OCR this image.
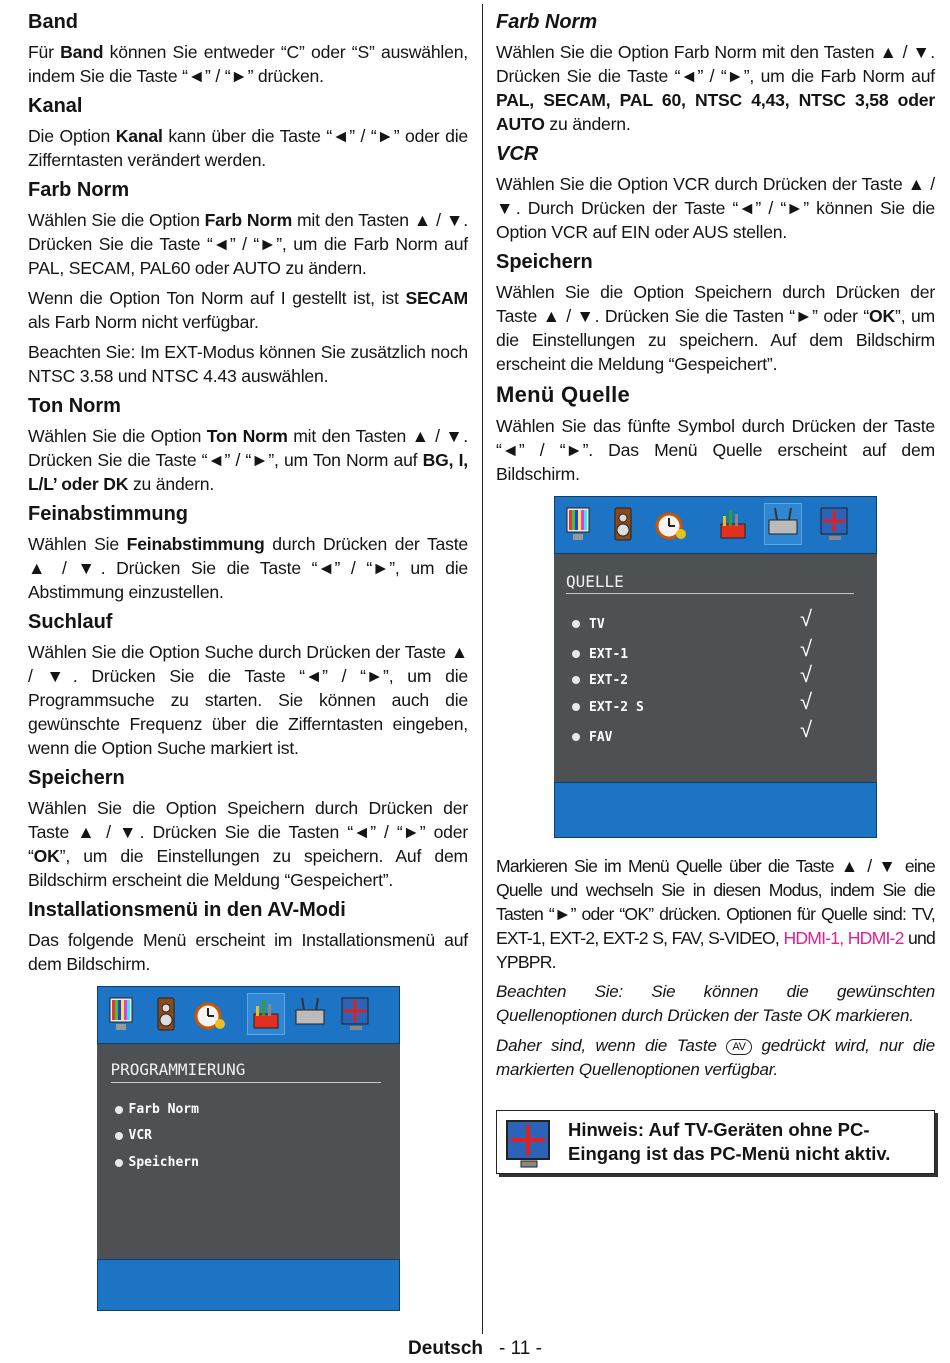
Band

Für Band können Sie entweder “C” oder “S” auswählen, indem Sie die Taste “◄” / “►” drücken.

Kanal

Die Option Kanal kann über die Taste “◄” / “►” oder die Zifferntasten verändert werden.

Farb Norm

Wählen Sie die Option Farb Norm mit den Tasten ▲ / ▼. Drücken Sie die Taste “◄” / “►”, um die Farb Norm auf PAL, SECAM, PAL60 oder AUTO zu ändern.

Wenn die Option Ton Norm auf I gestellt ist, ist SECAM als Farb Norm nicht verfügbar.

Beachten Sie: Im EXT-Modus können Sie zusätzlich noch NTSC 3.58 und NTSC 4.43 auswählen.

Ton Norm

Wählen Sie die Option Ton Norm mit den Tasten ▲ / ▼. Drücken Sie die Taste “◄” / “►”, um Ton Norm auf BG, I, L/L’ oder DK zu ändern.

Feinabstimmung

Wählen Sie Feinabstimmung durch Drücken der Taste ▲ / ▼. Drücken Sie die Taste “◄” / “►”, um die Abstimmung einzustellen.

Suchlauf

Wählen Sie die Option Suche durch Drücken der Taste ▲ / ▼. Drücken Sie die Taste “◄” / “►”, um die Programmsuche zu starten. Sie können auch die gewünschte Frequenz über die Zifferntasten eingeben, wenn die Option Suche markiert ist.

Speichern

Wählen Sie die Option Speichern durch Drücken der Taste ▲ / ▼. Drücken Sie die Tasten “◄” / “►” oder “OK”, um die Einstellungen zu speichern. Auf dem Bildschirm erscheint die Meldung “Gespeichert”.

Installationsmenü in den AV-Modi

Das folgende Menü erscheint im Installationsmenü auf dem Bildschirm.

PROGRAMMIERUNG
Farb Norm
VCR
Speichern
Farb Norm

Wählen Sie die Option Farb Norm mit den Tasten ▲ / ▼. Drücken Sie die Taste “◄” / “►”, um die Farb Norm auf PAL, SECAM, PAL 60, NTSC 4,43, NTSC 3,58 oder AUTO zu ändern.

VCR

Wählen Sie die Option VCR durch Drücken der Taste ▲ / ▼. Durch Drücken der Taste “◄” / “►” können Sie die Option VCR auf EIN oder AUS stellen.

Speichern

Wählen Sie die Option Speichern durch Drücken der Taste ▲ / ▼. Drücken Sie die Tasten “►” oder “OK”, um die Einstellungen zu speichern. Auf dem Bildschirm erscheint die Meldung “Gespeichert”.

Menü Quelle

Wählen Sie das fünfte Symbol durch Drücken der Taste “◄” / “►”. Das Menü Quelle erscheint auf dem Bildschirm.

QUELLE
TV	√
EXT-1	√
EXT-2	√
EXT-2 S	√
FAV	√

Markieren Sie im Menü Quelle über die Taste ▲ / ▼ eine Quelle und wechseln Sie in diesen Modus, indem Sie die Tasten “►” oder “OK” drücken. Optionen für Quelle sind: TV, EXT-1, EXT-2, EXT-2 S, FAV, S-VIDEO, HDMI-1, HDMI-2 und YPBPR.

Beachten Sie: Sie können die gewünschten Quellenoptionen durch Drücken der Taste OK markieren.

Daher sind, wenn die Taste AV gedrückt wird, nur die markierten Quellenoptionen verfügbar.

Hinweis: Auf TV-Geräten ohne PC-
Eingang ist das PC-Menü nicht aktiv.
Deutsch - 11 -
